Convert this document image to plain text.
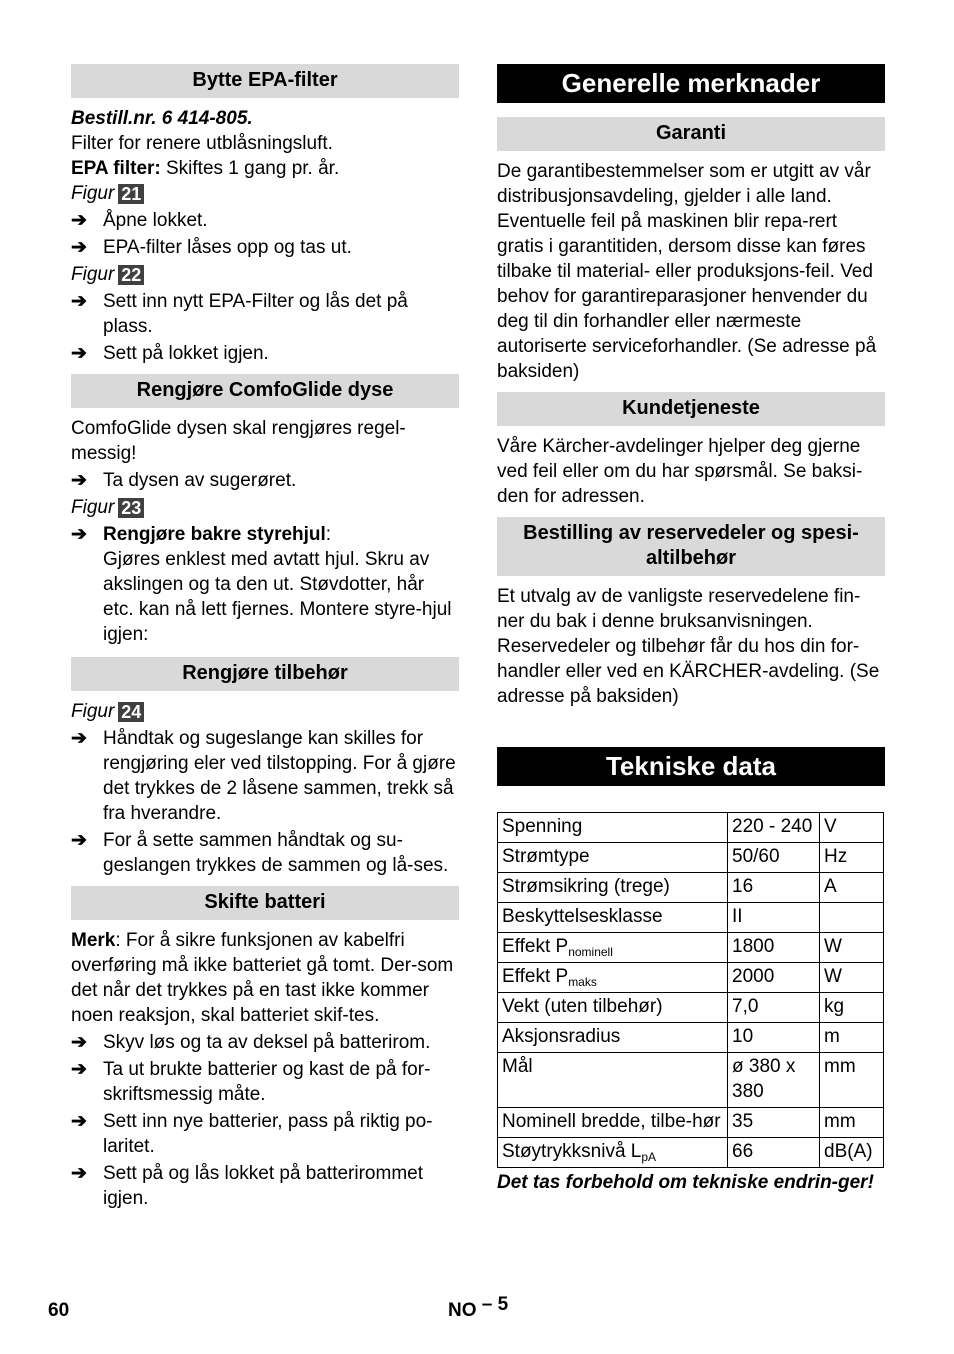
Bytte EPA-filter

Bestill.nr. 6 414-805.

Filter for renere utblåsningsluft.

EPA filter: Skiftes 1 gang pr. år.

Figur 21

➔ Åpne lokket.
➔ EPA-filter låses opp og tas ut.

Figur 22

➔ Sett inn nytt EPA-Filter og lås det på plass.
➔ Sett på lokket igjen.
Rengjøre ComfoGlide dyse

ComfoGlide dysen skal rengjøres regel-messig!

➔ Ta dysen av sugerøret.

Figur 23

➔ Rengjøre bakre styrehjul:
Gjøres enklest med avtatt hjul. Skru av akslingen og ta den ut. Støvdotter, hår etc. kan nå lett fjernes. Montere styre-hjul igjen:
Rengjøre tilbehør

Figur 24

➔ Håndtak og sugeslange kan skilles for rengjøring eler ved tilstopping. For å gjøre det trykkes de 2 låsene sammen, trekk så fra hverandre.
➔ For å sette sammen håndtak og su-geslangen trykkes de sammen og lå-ses.
Skifte batteri

Merk: For å sikre funksjonen av kabelfri overføring må ikke batteriet gå tomt. Der-som det når det trykkes på en tast ikke kommer noen reaksjon, skal batteriet skif-tes.

➔ Skyv løs og ta av deksel på batterirom.
➔ Ta ut brukte batterier og kast de på for-skriftsmessig måte.
➔ Sett inn nye batterier, pass på riktig po-laritet.
➔ Sett på og lås lokket på batterirommet igjen.
Generelle merknader
Garanti

De garantibestemmelser som er utgitt av vår distribusjonsavdeling, gjelder i alle land. Eventuelle feil på maskinen blir repa-rert gratis i garantitiden, dersom disse kan føres tilbake til material- eller produksjons-feil. Ved behov for garantireparasjoner henvender du deg til din forhandler eller nærmeste autoriserte serviceforhandler. (Se adresse på baksiden)

Kundetjeneste

Våre Kärcher-avdelinger hjelper deg gjerne ved feil eller om du har spørsmål. Se baksi-den for adressen.

Bestilling av reservedeler og spesi-altilbehør

Et utvalg av de vanligste reservedelene fin-ner du bak i denne bruksanvisningen. Reservedeler og tilbehør får du hos din for-handler eller ved en KÄRCHER-avdeling. (Se adresse på baksiden)

Tekniske data
Spenning	220 - 240	V
Strømtype	50/60	Hz
Strømsikring (trege)	16	A
Beskyttelsesklasse	II	
Effekt $P_{nominell}$	1800	W
Effekt $P_{maks}$	2000	W
Vekt (uten tilbehør)	7,0	kg
Aksjonsradius	10	m
Mål	ø 380 x 380	mm
Nominell bredde, tilbe-hør	35	mm
Støytrykksnivå $L_{pA}$	66	dB(A)

Det tas forbehold om tekniske endrin-ger!

60	NO – 5
